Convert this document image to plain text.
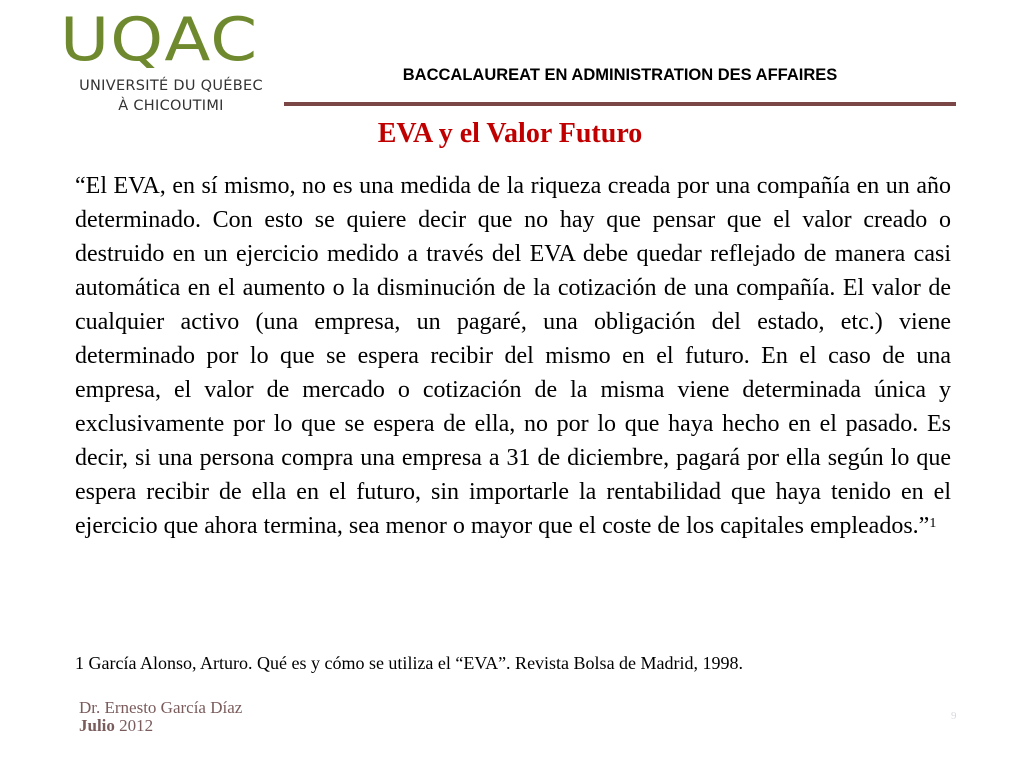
UQAC
UNIVERSITÉ DU QUÉBEC
À CHICOUTIMI
BACCALAUREAT EN ADMINISTRATION DES AFFAIRES
EVA y el Valor Futuro

“El EVA, en sí mismo, no es una medida de la riqueza creada por una compañía en un año determinado. Con esto se quiere decir que no hay que pensar que el valor creado o destruido en un ejercicio medido a través del EVA debe quedar reflejado de manera casi automática en el aumento o la disminución de la cotización de una compañía. El valor de cualquier activo (una empresa, un pagaré, una obligación del estado, etc.) viene determinado por lo que se espera recibir del mismo en el futuro. En el caso de una empresa, el valor de mercado o cotización de la misma viene determinada única y exclusivamente por lo que se espera de ella, no por lo que haya hecho en el pasado. Es decir, si una persona compra una empresa a 31 de diciembre, pagará por ella según lo que espera recibir de ella en el futuro, sin importarle la rentabilidad que haya tenido en el ejercicio que ahora termina, sea menor o mayor que el coste de los capitales empleados.”$^1$

1 García Alonso, Arturo. Qué es y cómo se utiliza el “EVA”. Revista Bolsa de Madrid, 1998.
Dr. Ernesto García Díaz
Julio 2012	9
